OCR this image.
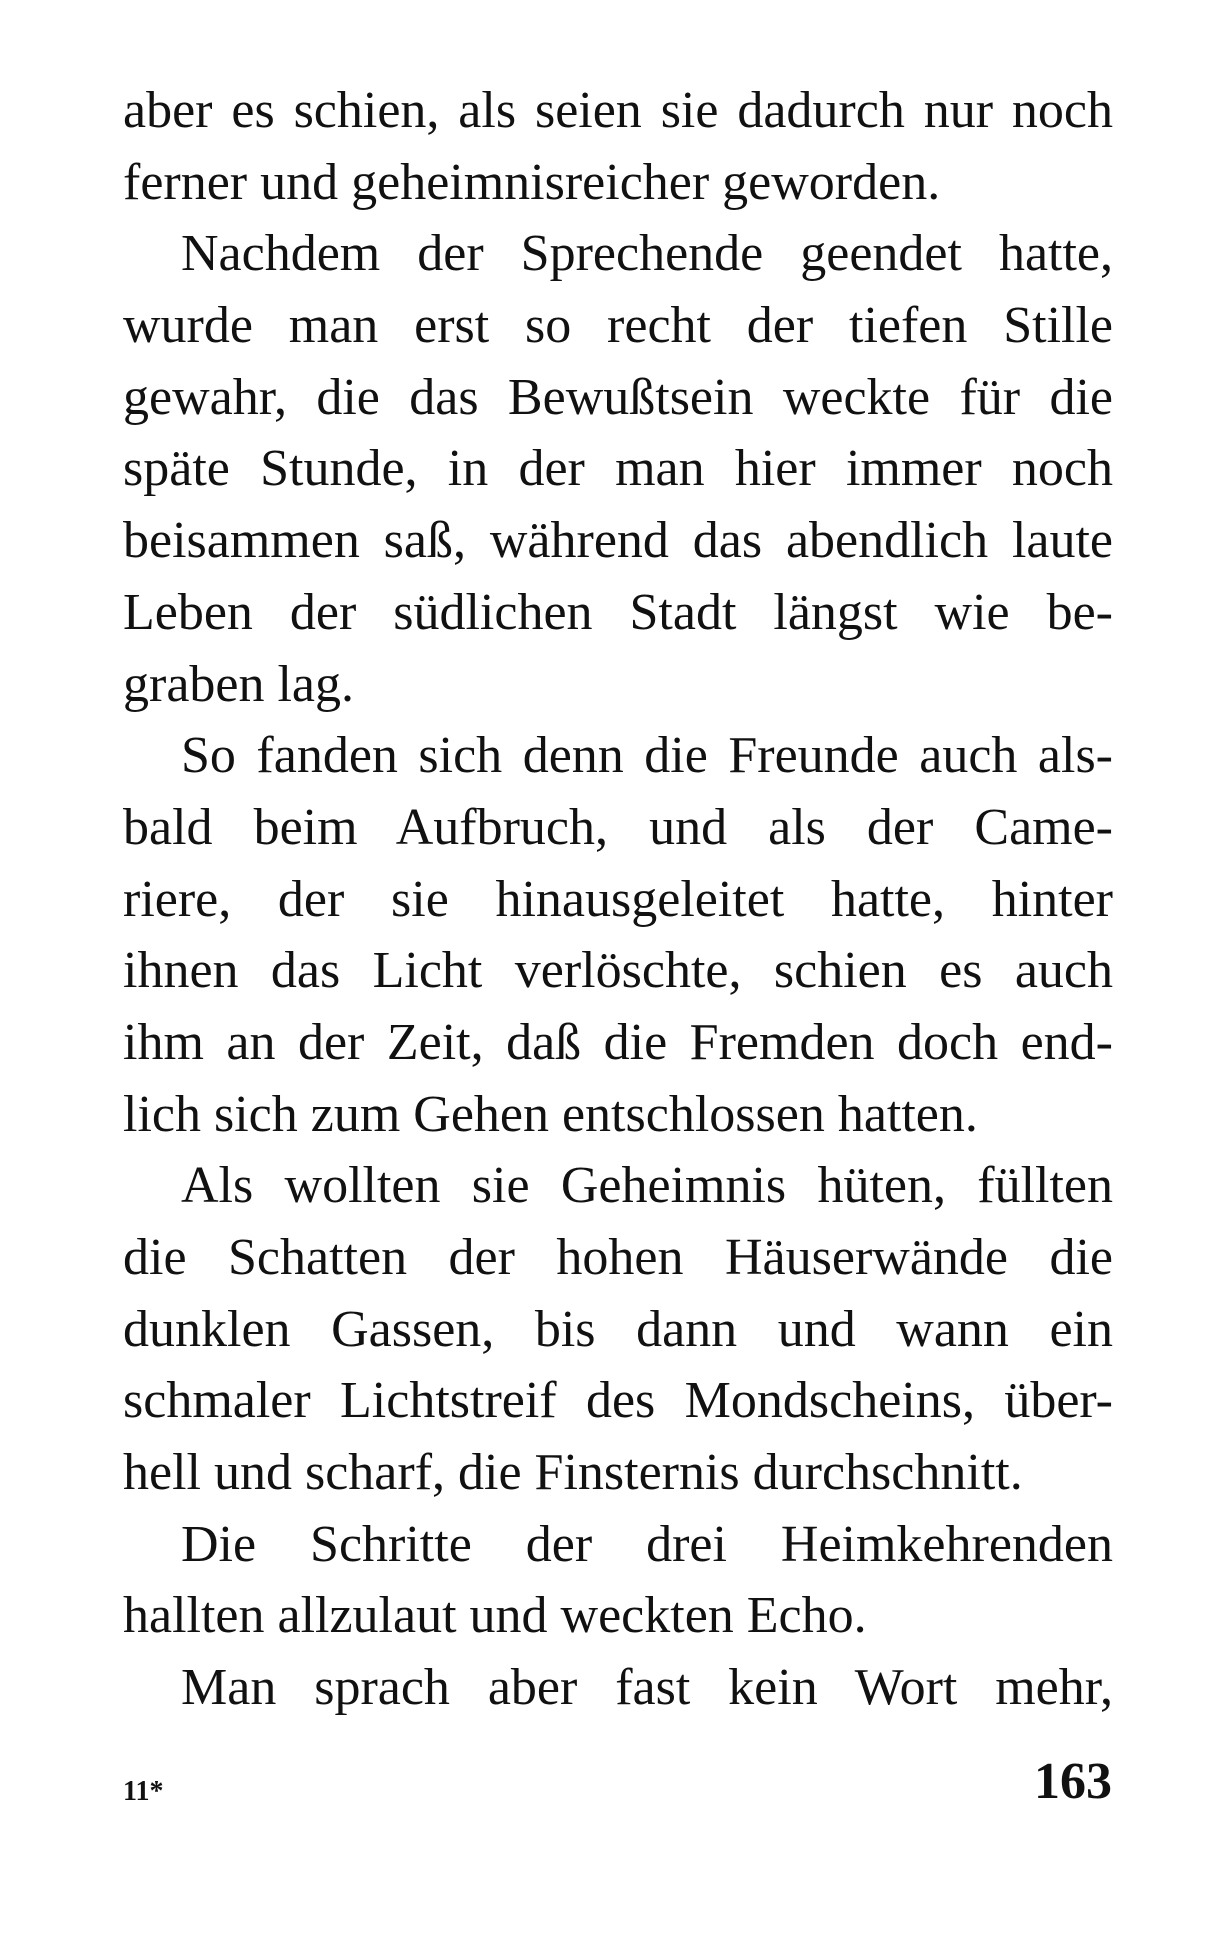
aber es schien, als seien sie dadurch nur noch
ferner und geheimnisreicher geworden.
Nachdem der Sprechende geendet hatte,
wurde man erst so recht der tiefen Stille
gewahr, die das Bewußtsein weckte für die
späte Stunde, in der man hier immer noch
beisammen saß, während das abendlich laute
Leben der südlichen Stadt längst wie be-
graben lag.
So fanden sich denn die Freunde auch als-
bald beim Aufbruch, und als der Came-
riere, der sie hinausgeleitet hatte, hinter
ihnen das Licht verlöschte, schien es auch
ihm an der Zeit, daß die Fremden doch end-
lich sich zum Gehen entschlossen hatten.
Als wollten sie Geheimnis hüten, füllten
die Schatten der hohen Häuserwände die
dunklen Gassen, bis dann und wann ein
schmaler Lichtstreif des Mondscheins, über-
hell und scharf, die Finsternis durchschnitt.
Die Schritte der drei Heimkehrenden
hallten allzulaut und weckten Echo.
Man sprach aber fast kein Wort mehr,
11*	163
